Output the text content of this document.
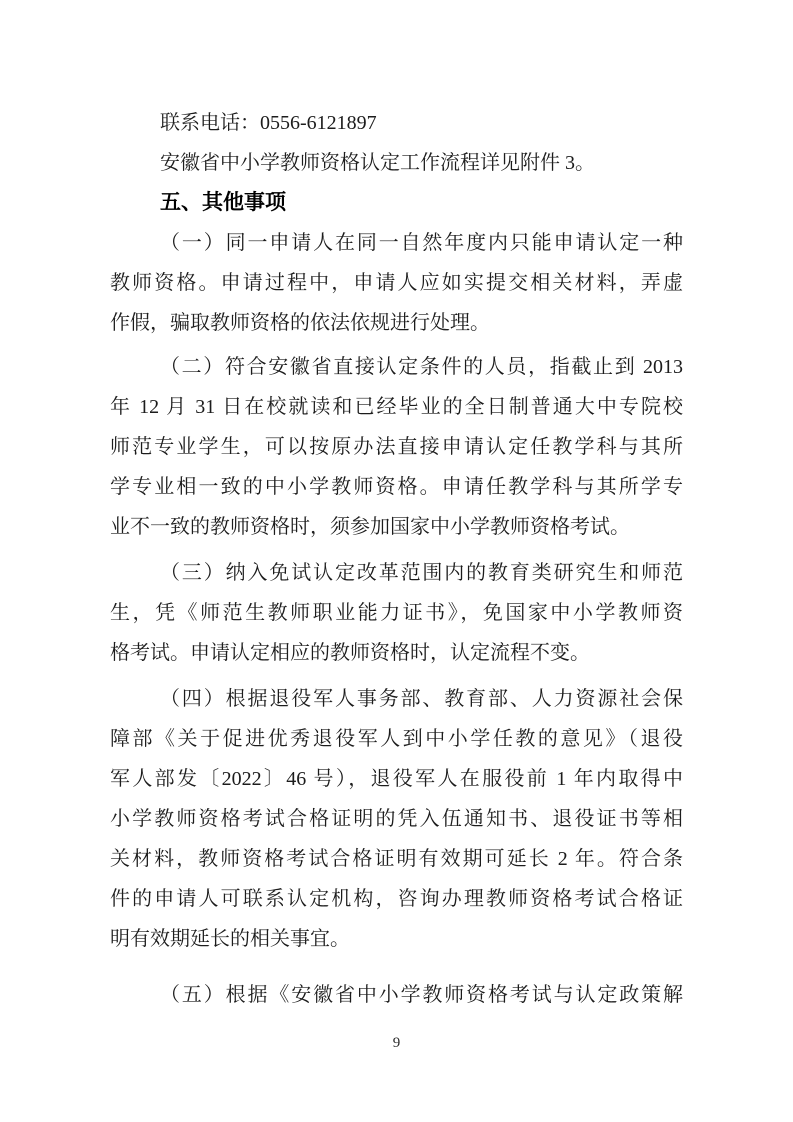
联系电话：0556-6121897
安徽省中小学教师资格认定工作流程详见附件 3。
五、其他事项
（一）同一申请人在同一自然年度内只能申请认定一种
教师资格。申请过程中，申请人应如实提交相关材料，弄虚
作假，骗取教师资格的依法依规进行处理。
（二）符合安徽省直接认定条件的人员，指截止到 2013
年 12 月 31 日在校就读和已经毕业的全日制普通大中专院校
师范专业学生，可以按原办法直接申请认定任教学科与其所
学专业相一致的中小学教师资格。申请任教学科与其所学专
业不一致的教师资格时，须参加国家中小学教师资格考试。
（三）纳入免试认定改革范围内的教育类研究生和师范
生，凭《师范生教师职业能力证书》，免国家中小学教师资
格考试。申请认定相应的教师资格时，认定流程不变。
（四）根据退役军人事务部、教育部、人力资源社会保
障部《关于促进优秀退役军人到中小学任教的意见》（退役
军人部发〔2022〕46 号），退役军人在服役前 1 年内取得中
小学教师资格考试合格证明的凭入伍通知书、退役证书等相
关材料，教师资格考试合格证明有效期可延长 2 年。符合条
件的申请人可联系认定机构，咨询办理教师资格考试合格证
明有效期延长的相关事宜。
（五）根据《安徽省中小学教师资格考试与认定政策解
9
